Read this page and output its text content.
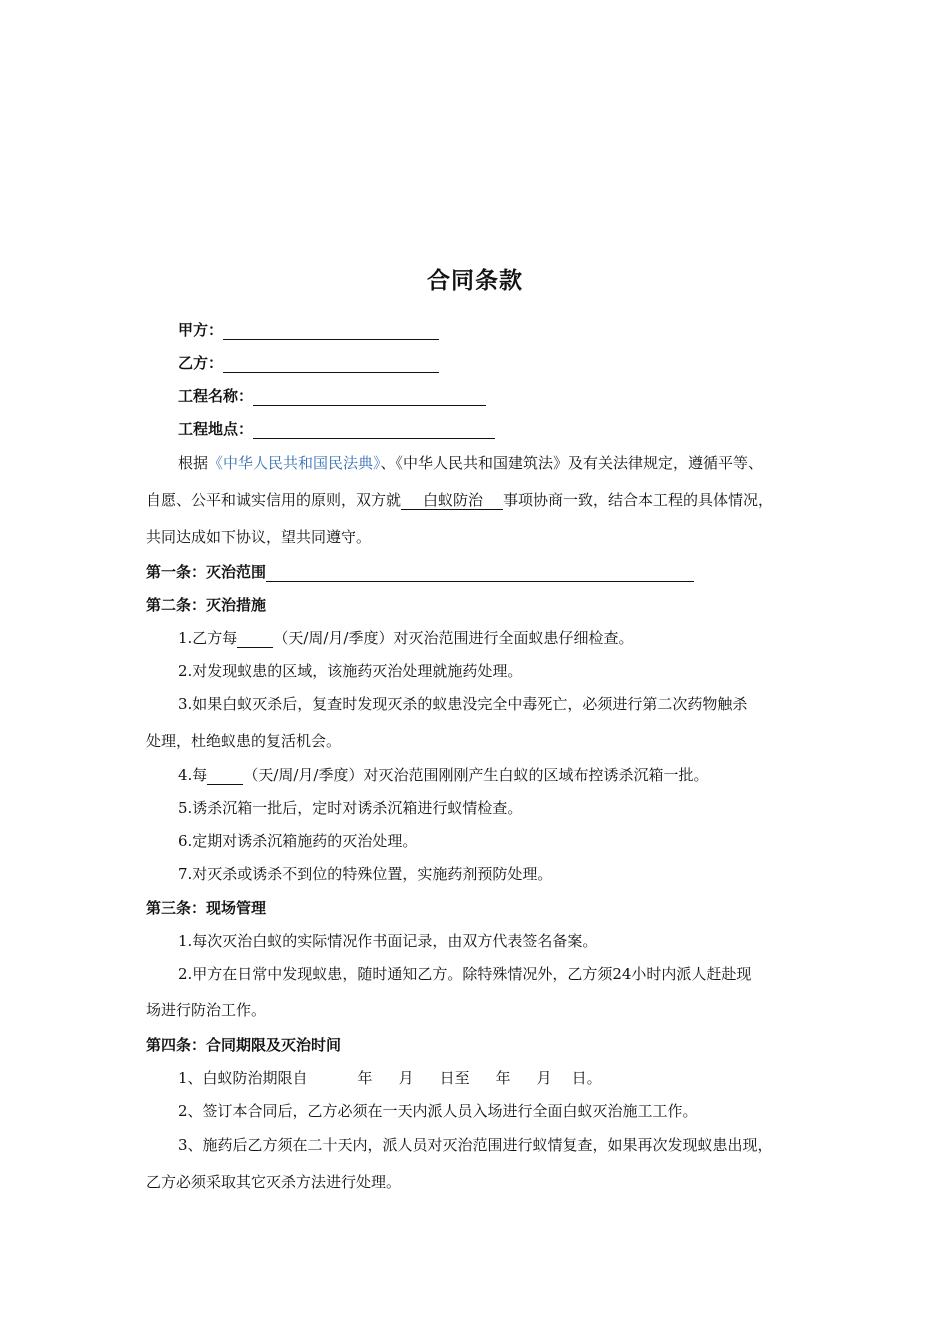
合同条款
甲方：
乙方：
工程名称：
工程地点：
根据《中华人民共和国民法典》、《中华人民共和国建筑法》及有关法律规定，遵循平等、
自愿、公平和诚实信用的原则，双方就 白蚁防治 事项协商一致，结合本工程的具体情况，
共同达成如下协议，望共同遵守。
第一条：灭治范围
第二条：灭治措施
1.乙方每 （天/周/月/季度）对灭治范围进行全面蚁患仔细检查。
2.对发现蚁患的区域，该施药灭治处理就施药处理。
3.如果白蚁灭杀后，复查时发现灭杀的蚁患没完全中毒死亡，必须进行第二次药物触杀
处理，杜绝蚁患的复活机会。
4.每 （天/周/月/季度）对灭治范围刚刚产生白蚁的区域布控诱杀沉箱一批。
5.诱杀沉箱一批后，定时对诱杀沉箱进行蚁情检查。
6.定期对诱杀沉箱施药的灭治处理。
7.对灭杀或诱杀不到位的特殊位置，实施药剂预防处理。
第三条：现场管理
1.每次灭治白蚁的实际情况作书面记录，由双方代表签名备案。
2.甲方在日常中发现蚁患，随时通知乙方。除特殊情况外，乙方须24小时内派人赶赴现
场进行防治工作。
第四条：合同期限及灭治时间
1、白蚁防治期限自	年 月 日至 年 月 日。
2、签订本合同后，乙方必须在一天内派人员入场进行全面白蚁灭治施工工作。
3、施药后乙方须在二十天内，派人员对灭治范围进行蚁情复查，如果再次发现蚁患出现，
乙方必须采取其它灭杀方法进行处理。
